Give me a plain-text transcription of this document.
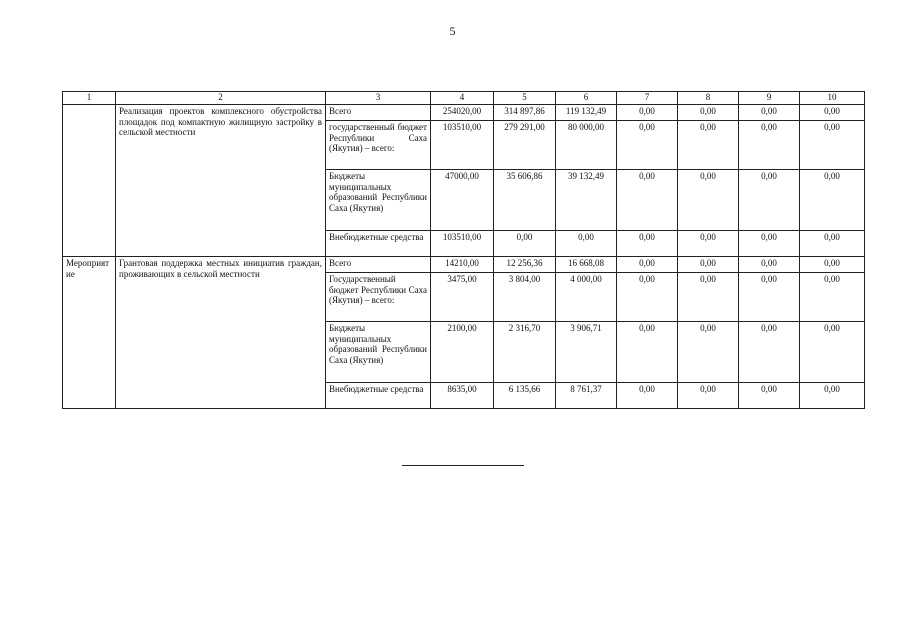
5
1	2	3	4	5	6	7	8	9	10
	Реализация проектов комплексного обустройства площадок под компактную жилищную застройку в сельской местности	Всего	254020,00	314 897,86	119 132,49	0,00	0,00	0,00	0,00
		государственный бюджет Республики Саха (Якутия) – всего:	103510,00	279 291,00	80 000,00	0,00	0,00	0,00	0,00
		Бюджеты муниципальных образований Республики Саха (Якутия)	47000,00	35 606,86	39 132,49	0,00	0,00	0,00	0,00
		Внебюджетные средства	103510,00	0,00	0,00	0,00	0,00	0,00	0,00
Мероприятие	Грантовая поддержка местных инициатив граждан, проживающих в сельской местности	Всего	14210,00	12 256,36	16 668,08	0,00	0,00	0,00	0,00
		Государственный бюджет Республики Саха (Якутия) – всего:	3475,00	3 804,00	4 000,00	0,00	0,00	0,00	0,00
		Бюджеты муниципальных образований Республики Саха (Якутия)	2100,00	2 316,70	3 906,71	0,00	0,00	0,00	0,00
		Внебюджетные средства	8635,00	6 135,66	8 761,37	0,00	0,00	0,00	0,00
